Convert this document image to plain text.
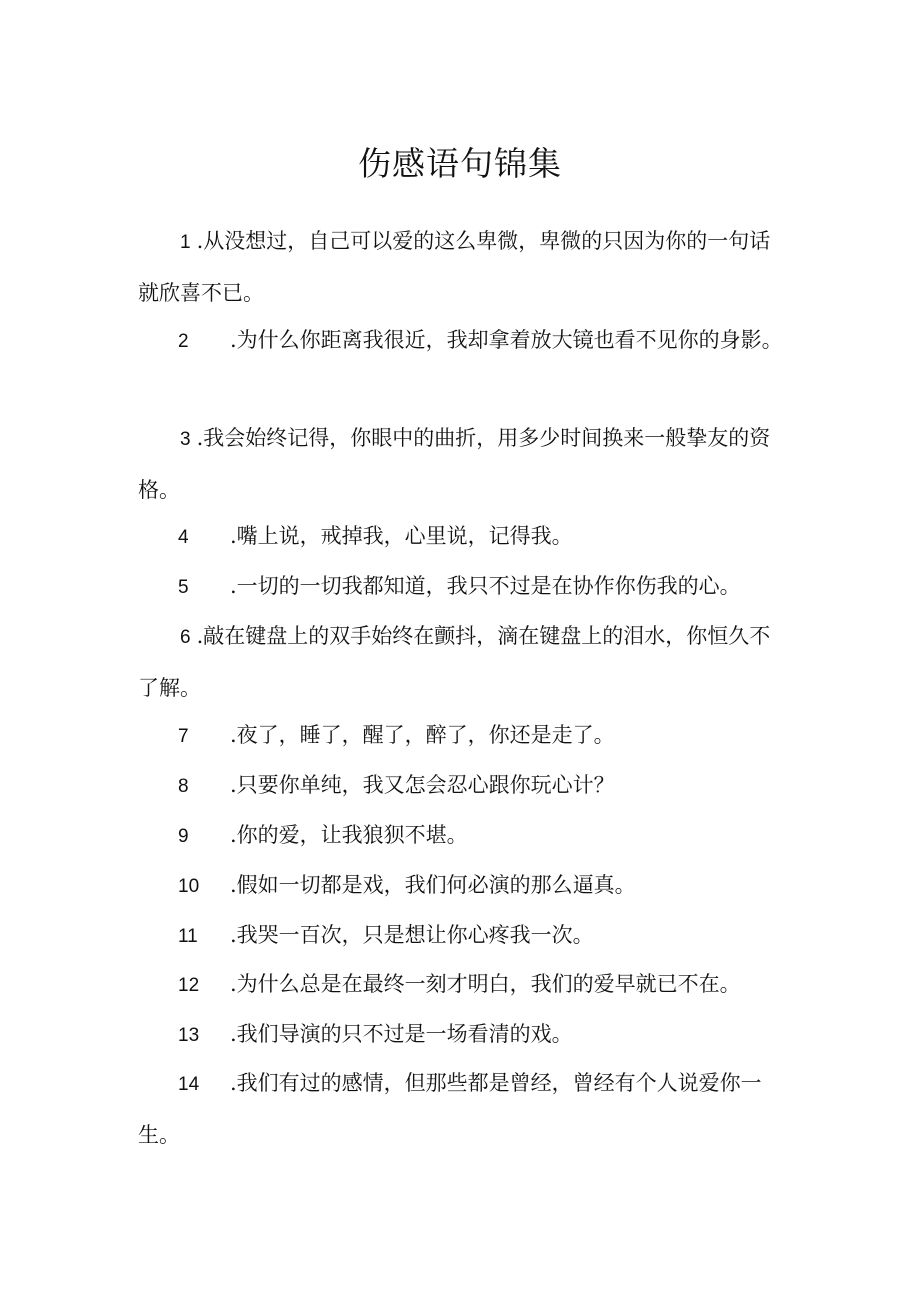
伤感语句锦集
1 .从没想过，自己可以爱的这么卑微，卑微的只因为你的一句话就欣喜不已。
2 .为什么你距离我很近，我却拿着放大镜也看不见你的身影。
3 .我会始终记得，你眼中的曲折，用多少时间换来一般挚友的资格。
4 .嘴上说，戒掉我，心里说，记得我。
5 .一切的一切我都知道，我只不过是在协作你伤我的心。
6 .敲在键盘上的双手始终在颤抖，滴在键盘上的泪水，你恒久不了解。
7 .夜了，睡了，醒了，醉了，你还是走了。
8 .只要你单纯，我又怎会忍心跟你玩心计？
9 .你的爱，让我狼狈不堪。
10 .假如一切都是戏，我们何必演的那么逼真。
11 .我哭一百次，只是想让你心疼我一次。
12 .为什么总是在最终一刻才明白，我们的爱早就已不在。
13 .我们导演的只不过是一场看清的戏。
14 .我们有过的感情，但那些都是曾经，曾经有个人说爱你一生。
